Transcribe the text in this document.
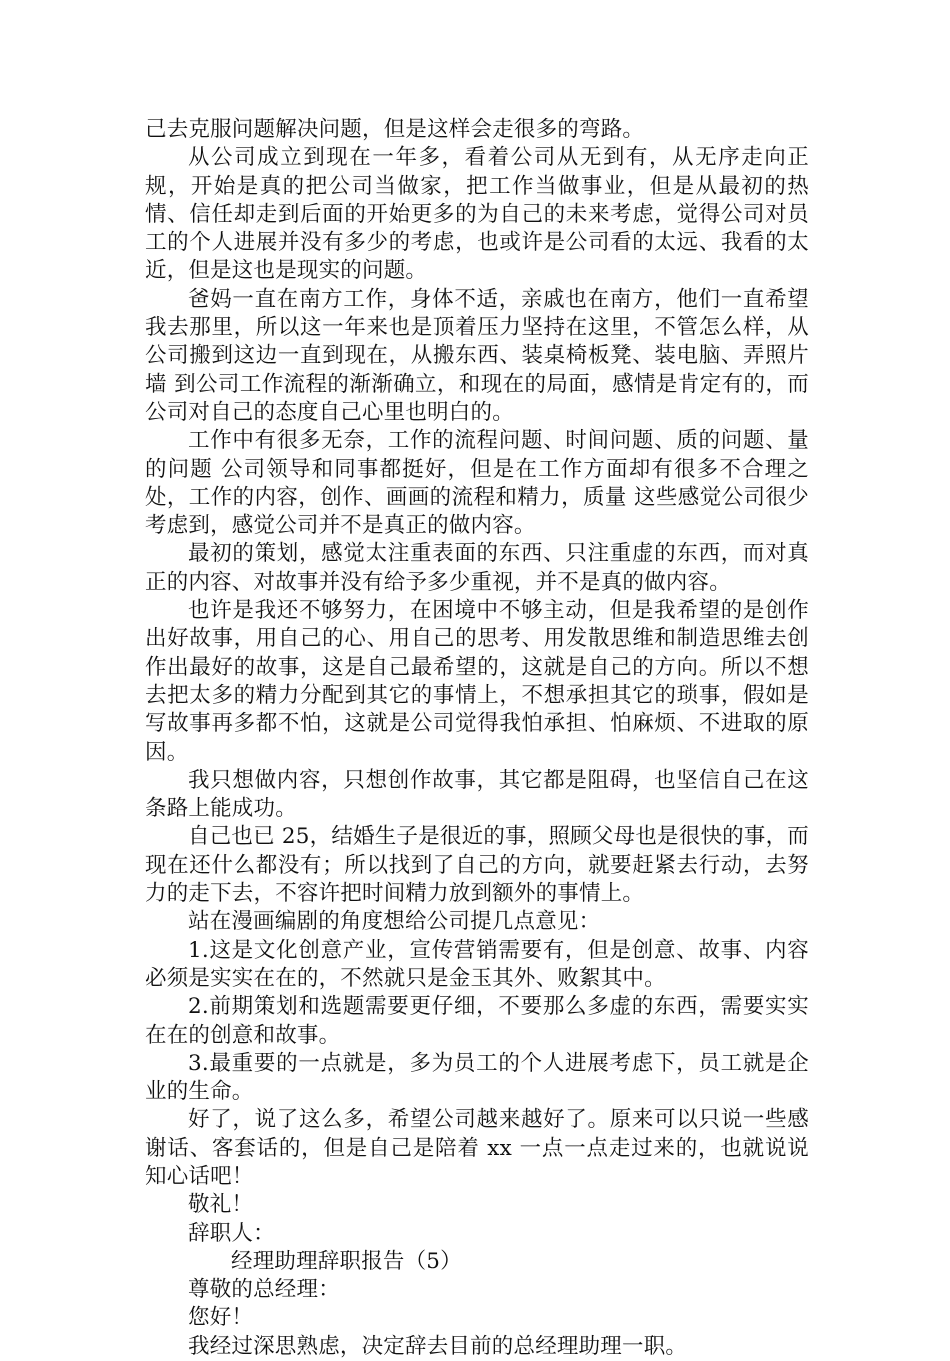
己去克服问题解决问题，但是这样会走很多的弯路。

从公司成立到现在一年多，看着公司从无到有，从无序走向正规，开始是真的把公司当做家，把工作当做事业，但是从最初的热情、信任却走到后面的开始更多的为自己的未来考虑，觉得公司对员工的个人进展并没有多少的考虑，也或许是公司看的太远、我看的太近，但是这也是现实的问题。

爸妈一直在南方工作，身体不适，亲戚也在南方，他们一直希望我去那里，所以这一年来也是顶着压力坚持在这里，不管怎么样，从公司搬到这边一直到现在，从搬东西、装桌椅板凳、装电脑、弄照片墙 到公司工作流程的渐渐确立，和现在的局面，感情是肯定有的，而公司对自己的态度自己心里也明白的。

工作中有很多无奈，工作的流程问题、时间问题、质的问题、量的问题 公司领导和同事都挺好，但是在工作方面却有很多不合理之处，工作的内容，创作、画画的流程和精力，质量 这些感觉公司很少考虑到，感觉公司并不是真正的做内容。

最初的策划，感觉太注重表面的东西、只注重虚的东西，而对真正的内容、对故事并没有给予多少重视，并不是真的做内容。

也许是我还不够努力，在困境中不够主动，但是我希望的是创作出好故事，用自己的心、用自己的思考、用发散思维和制造思维去创作出最好的故事，这是自己最希望的，这就是自己的方向。所以不想去把太多的精力分配到其它的事情上，不想承担其它的琐事，假如是写故事再多都不怕，这就是公司觉得我怕承担、怕麻烦、不进取的原因。

我只想做内容，只想创作故事，其它都是阻碍，也坚信自己在这条路上能成功。

自己也已 25，结婚生子是很近的事，照顾父母也是很快的事，而现在还什么都没有；所以找到了自己的方向，就要赶紧去行动，去努力的走下去，不容许把时间精力放到额外的事情上。

站在漫画编剧的角度想给公司提几点意见：

1.这是文化创意产业，宣传营销需要有，但是创意、故事、内容必须是实实在在的，不然就只是金玉其外、败絮其中。

2.前期策划和选题需要更仔细，不要那么多虚的东西，需要实实在在的创意和故事。

3.最重要的一点就是，多为员工的个人进展考虑下，员工就是企业的生命。

好了，说了这么多，希望公司越来越好了。原来可以只说一些感谢话、客套话的，但是自己是陪着 xx 一点一点走过来的，也就说说知心话吧！

敬礼！

辞职人：

经理助理辞职报告（5）

尊敬的总经理：

您好！

我经过深思熟虑，决定辞去目前的总经理助理一职。
